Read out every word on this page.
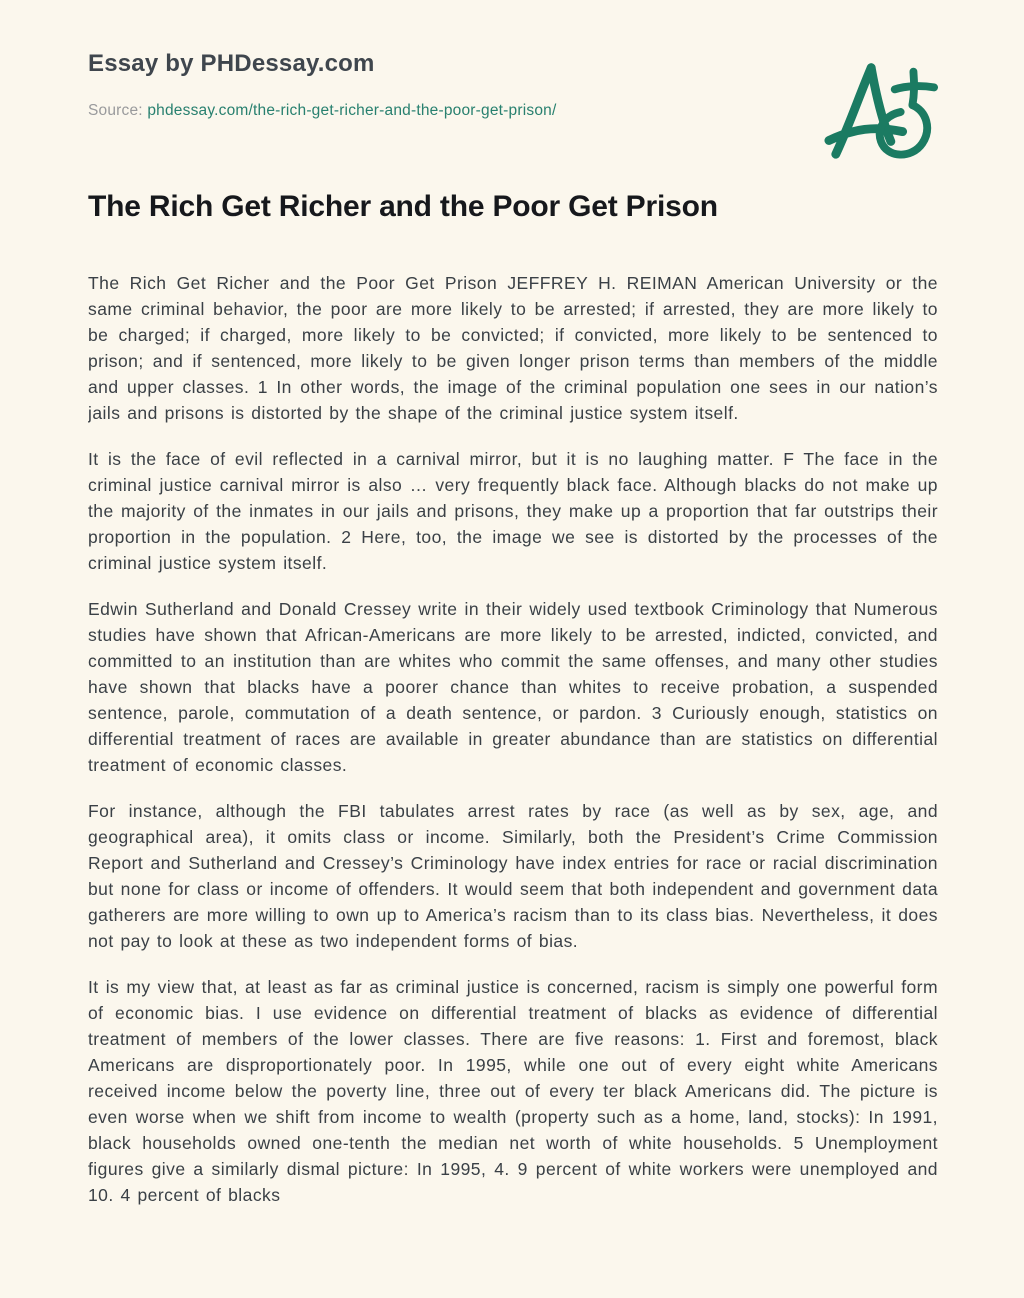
Essay by PHDessay.com
Source: phdessay.com/the-rich-get-richer-and-the-poor-get-prison/
The Rich Get Richer and the Poor Get Prison

The Rich Get Richer and the Poor Get Prison JEFFREY H. REIMAN American University or the same criminal behavior, the poor are more likely to be arrested; if arrested, they are more likely to be charged; if charged, more likely to be convicted; if convicted, more likely to be sentenced to prison; and if sentenced, more likely to be given longer prison terms than members of the middle and upper classes. 1 In other words, the image of the criminal population one sees in our nation’s jails and prisons is distorted by the shape of the criminal justice system itself.

It is the face of evil reflected in a carnival mirror, but it is no laughing matter. F The face in the criminal justice carnival mirror is also … very frequently black face. Although blacks do not make up the majority of the inmates in our jails and prisons, they make up a proportion that far outstrips their proportion in the population. 2 Here, too, the image we see is distorted by the processes of the criminal justice system itself.

Edwin Sutherland and Donald Cressey write in their widely used textbook Criminology that Numerous studies have shown that African-Americans are more likely to be arrested, indicted, convicted, and committed to an institution than are whites who commit the same offenses, and many other studies have shown that blacks have a poorer chance than whites to receive probation, a suspended sentence, parole, commutation of a death sentence, or pardon. 3 Curiously enough, statistics on differential treatment of races are available in greater abundance than are statistics on differential treatment of economic classes.

For instance, although the FBI tabulates arrest rates by race (as well as by sex, age, and geographical area), it omits class or income. Similarly, both the President’s Crime Commission Report and Sutherland and Cressey’s Criminology have index entries for race or racial discrimination but none for class or income of offenders. It would seem that both independent and government data gatherers are more willing to own up to America’s racism than to its class bias. Nevertheless, it does not pay to look at these as two independent forms of bias.

It is my view that, at least as far as criminal justice is concerned, racism is simply one powerful form of economic bias. I use evidence on differential treatment of blacks as evidence of differential treatment of members of the lower classes. There are five reasons: 1. First and foremost, black Americans are disproportionately poor. In 1995, while one out of every eight white Americans received income below the poverty line, three out of every ter black Americans did. The picture is even worse when we shift from income to wealth (property such as a home, land, stocks): In 1991, black households owned one-tenth the median net worth of white households. 5 Unemployment figures give a similarly dismal picture: In 1995, 4. 9 percent of white workers were unemployed and 10. 4 percent of blacks
